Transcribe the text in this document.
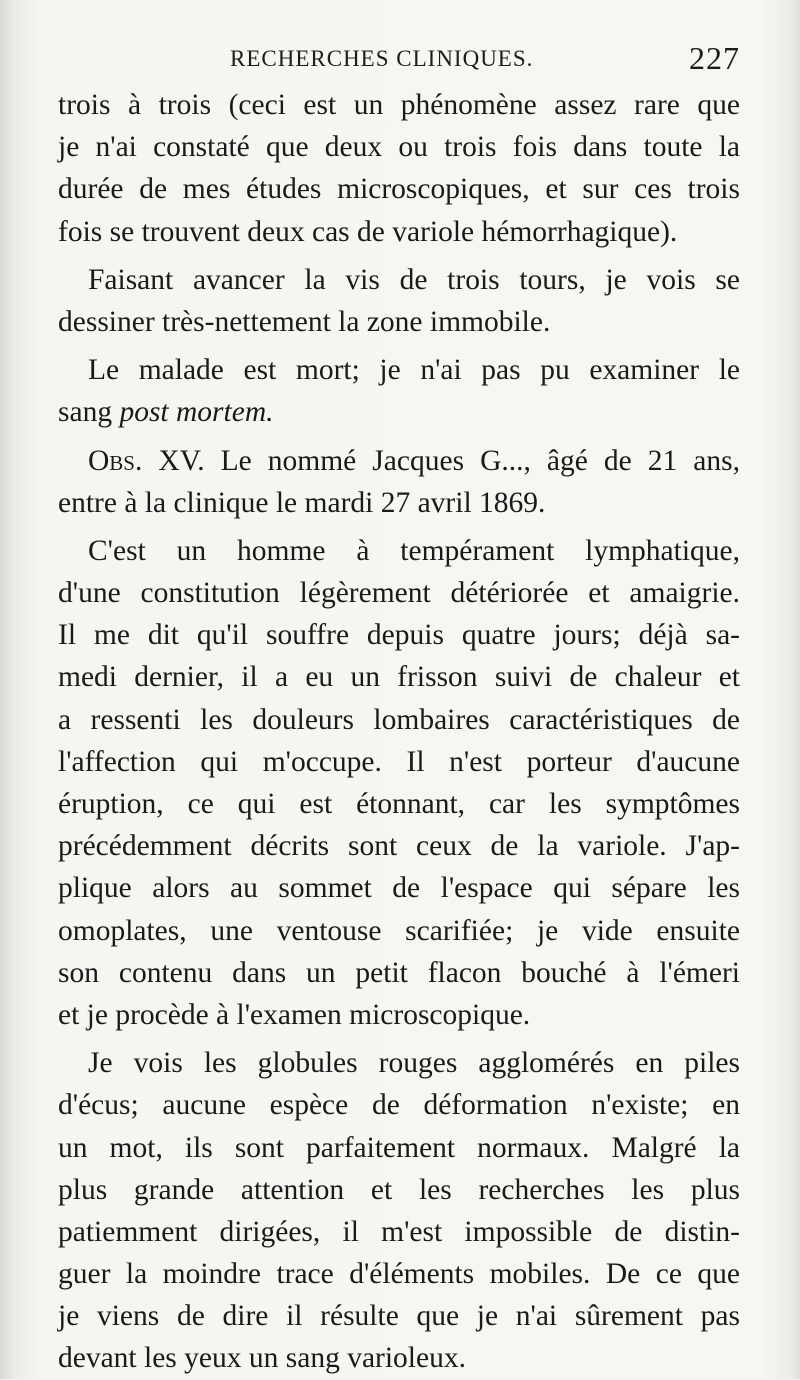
RECHERCHES CLINIQUES.	227
trois à trois (ceci est un phénomène assez rare que
je n'ai constaté que deux ou trois fois dans toute la
durée de mes études microscopiques, et sur ces trois
fois se trouvent deux cas de variole hémorrhagique).
Faisant avancer la vis de trois tours, je vois se
dessiner très-nettement la zone immobile.
Le malade est mort; je n'ai pas pu examiner le
sang post mortem.
Obs. XV. Le nommé Jacques G..., âgé de 21 ans,
entre à la clinique le mardi 27 avril 1869.
C'est un homme à tempérament lymphatique,
d'une constitution légèrement détériorée et amaigrie.
Il me dit qu'il souffre depuis quatre jours; déjà sa-
medi dernier, il a eu un frisson suivi de chaleur et
a ressenti les douleurs lombaires caractéristiques de
l'affection qui m'occupe. Il n'est porteur d'aucune
éruption, ce qui est étonnant, car les symptômes
précédemment décrits sont ceux de la variole. J'ap-
plique alors au sommet de l'espace qui sépare les
omoplates, une ventouse scarifiée; je vide ensuite
son contenu dans un petit flacon bouché à l'émeri
et je procède à l'examen microscopique.
Je vois les globules rouges agglomérés en piles
d'écus; aucune espèce de déformation n'existe; en
un mot, ils sont parfaitement normaux. Malgré la
plus grande attention et les recherches les plus
patiemment dirigées, il m'est impossible de distin-
guer la moindre trace d'éléments mobiles. De ce que
je viens de dire il résulte que je n'ai sûrement pas
devant les yeux un sang varioleux.
